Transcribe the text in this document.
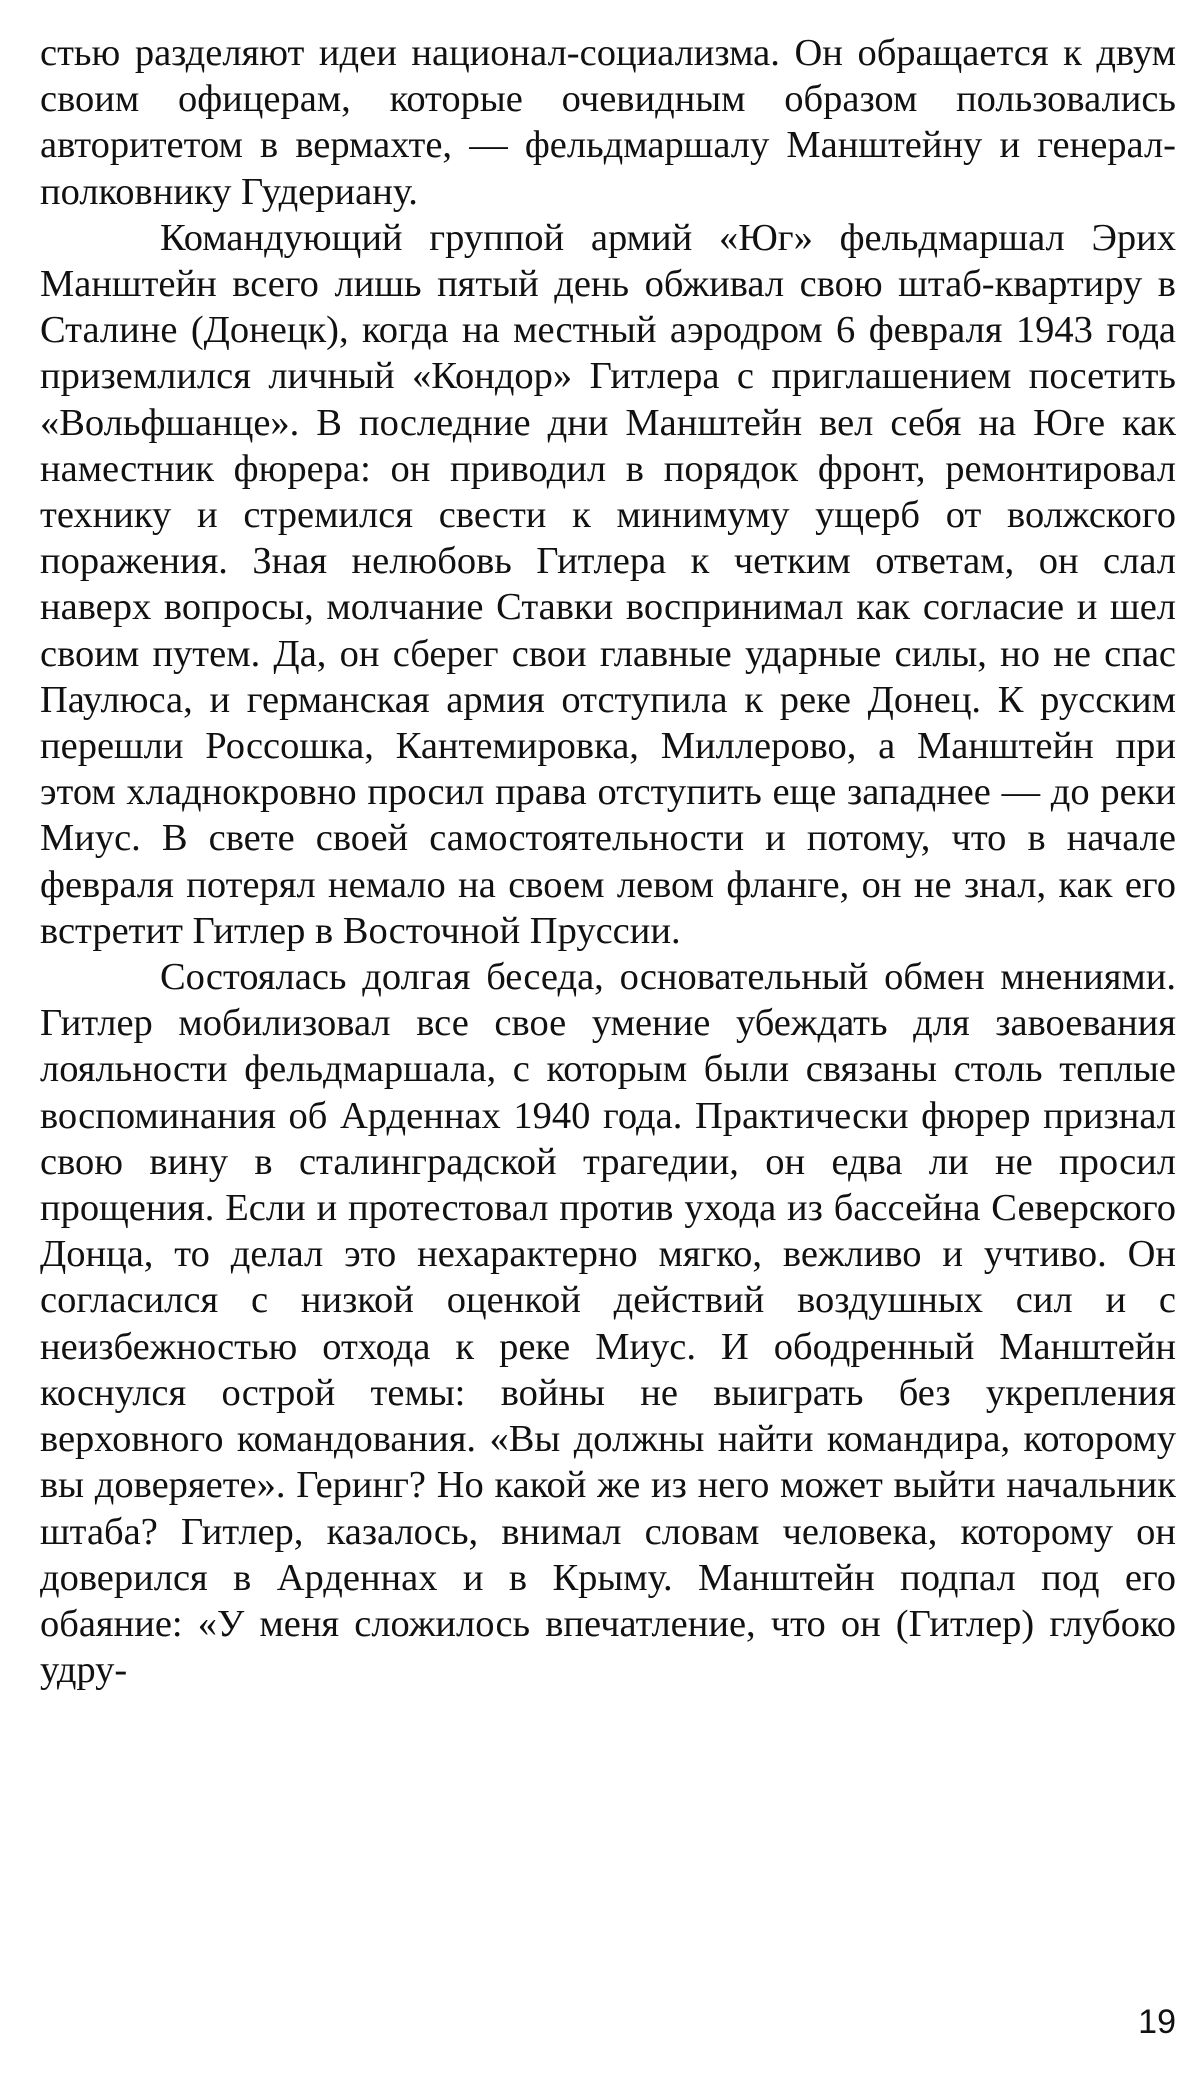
стью разделяют идеи национал-социализма. Он обращается к двум своим офицерам, которые очевидным образом пользовались авторитетом в вермахте, — фельдмаршалу Манштейну и генерал-полковнику Гудериану.

Командующий группой армий «Юг» фельдмаршал Эрих Манштейн всего лишь пятый день обживал свою штаб-квартиру в Сталине (Донецк), когда на местный аэродром 6 февраля 1943 года приземлился личный «Кондор» Гитлера с приглашением посетить «Вольфшанце». В последние дни Манштейн вел себя на Юге как наместник фюрера: он приводил в порядок фронт, ремонтировал технику и стремился свести к минимуму ущерб от волжского поражения. Зная нелюбовь Гитлера к четким ответам, он слал наверх вопросы, молчание Ставки воспринимал как согласие и шел своим путем. Да, он сберег свои главные ударные силы, но не спас Паулюса, и германская армия отступила к реке Донец. К русским перешли Россошка, Кантемировка, Миллерово, а Манштейн при этом хладнокровно просил права отступить еще западнее — до реки Миус. В свете своей самостоятельности и потому, что в начале февраля потерял немало на своем левом фланге, он не знал, как его встретит Гитлер в Восточной Пруссии.

Состоялась долгая беседа, основательный обмен мнениями. Гитлер мобилизовал все свое умение убеждать для завоевания лояльности фельдмаршала, с которым были связаны столь теплые воспоминания об Арденнах 1940 года. Практически фюрер признал свою вину в сталинградской трагедии, он едва ли не просил прощения. Если и протестовал против ухода из бассейна Северского Донца, то делал это нехарактерно мягко, вежливо и учтиво. Он согласился с низкой оценкой действий воздушных сил и с неизбежностью отхода к реке Миус. И ободренный Манштейн коснулся острой темы: войны не выиграть без укрепления верховного командования. «Вы должны найти командира, которому вы доверяете». Геринг? Но какой же из него может выйти начальник штаба? Гитлер, казалось, внимал словам человека, которому он доверился в Арденнах и в Крыму. Манштейн подпал под его обаяние: «У меня сложилось впечатление, что он (Гитлер) глубоко удру-

19
